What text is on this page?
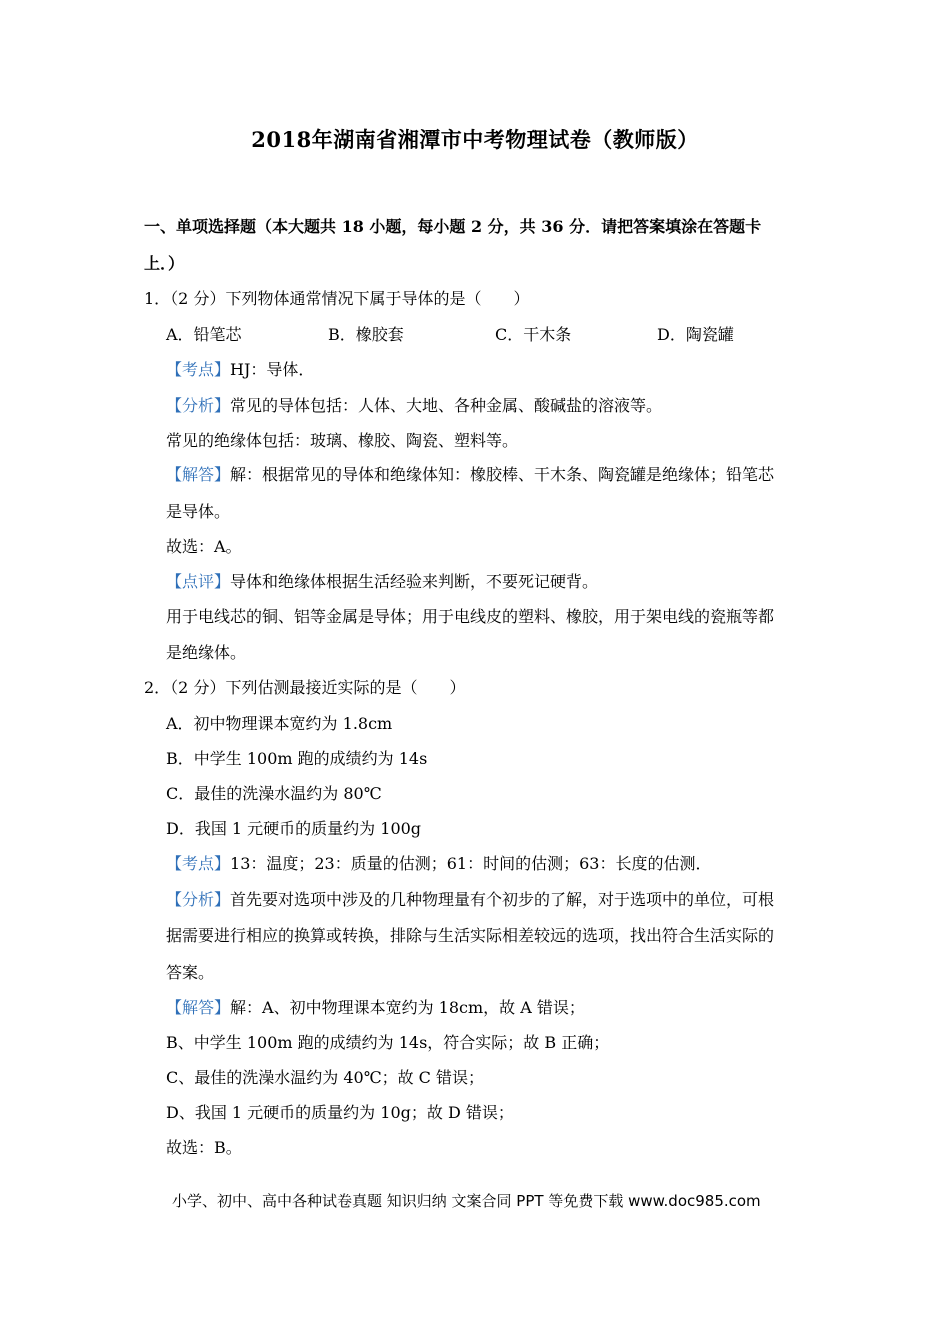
2018年湖南省湘潭市中考物理试卷（教师版）
一、单项选择题（本大题共 18 小题，每小题 2 分，共 36 分．请把答案填涂在答题卡
上．）
1．（2 分）下列物体通常情况下属于导体的是（　　）
A．铅笔芯	B．橡胶套	C．干木条	D．陶瓷罐
【考点】HJ：导体．
【分析】常见的导体包括：人体、大地、各种金属、酸碱盐的溶液等。
常见的绝缘体包括：玻璃、橡胶、陶瓷、塑料等。
【解答】解：根据常见的导体和绝缘体知：橡胶棒、干木条、陶瓷罐是绝缘体；铅笔芯
是导体。
故选：A。
【点评】导体和绝缘体根据生活经验来判断，不要死记硬背。
用于电线芯的铜、铝等金属是导体；用于电线皮的塑料、橡胶，用于架电线的瓷瓶等都
是绝缘体。
2．（2 分）下列估测最接近实际的是（　　）
A．初中物理课本宽约为 1.8cm
B．中学生 100m 跑的成绩约为 14s
C．最佳的洗澡水温约为 80℃
D．我国 1 元硬币的质量约为 100g
【考点】13：温度；23：质量的估测；61：时间的估测；63：长度的估测．
【分析】首先要对选项中涉及的几种物理量有个初步的了解，对于选项中的单位，可根
据需要进行相应的换算或转换，排除与生活实际相差较远的选项，找出符合生活实际的
答案。
【解答】解：A、初中物理课本宽约为 18cm，故 A 错误；
B、中学生 100m 跑的成绩约为 14s，符合实际；故 B 正确；
C、最佳的洗澡水温约为 40℃；故 C 错误；
D、我国 1 元硬币的质量约为 10g；故 D 错误；
故选：B。
小学、初中、高中各种试卷真题 知识归纳 文案合同 PPT 等免费下载 www.doc985.com
